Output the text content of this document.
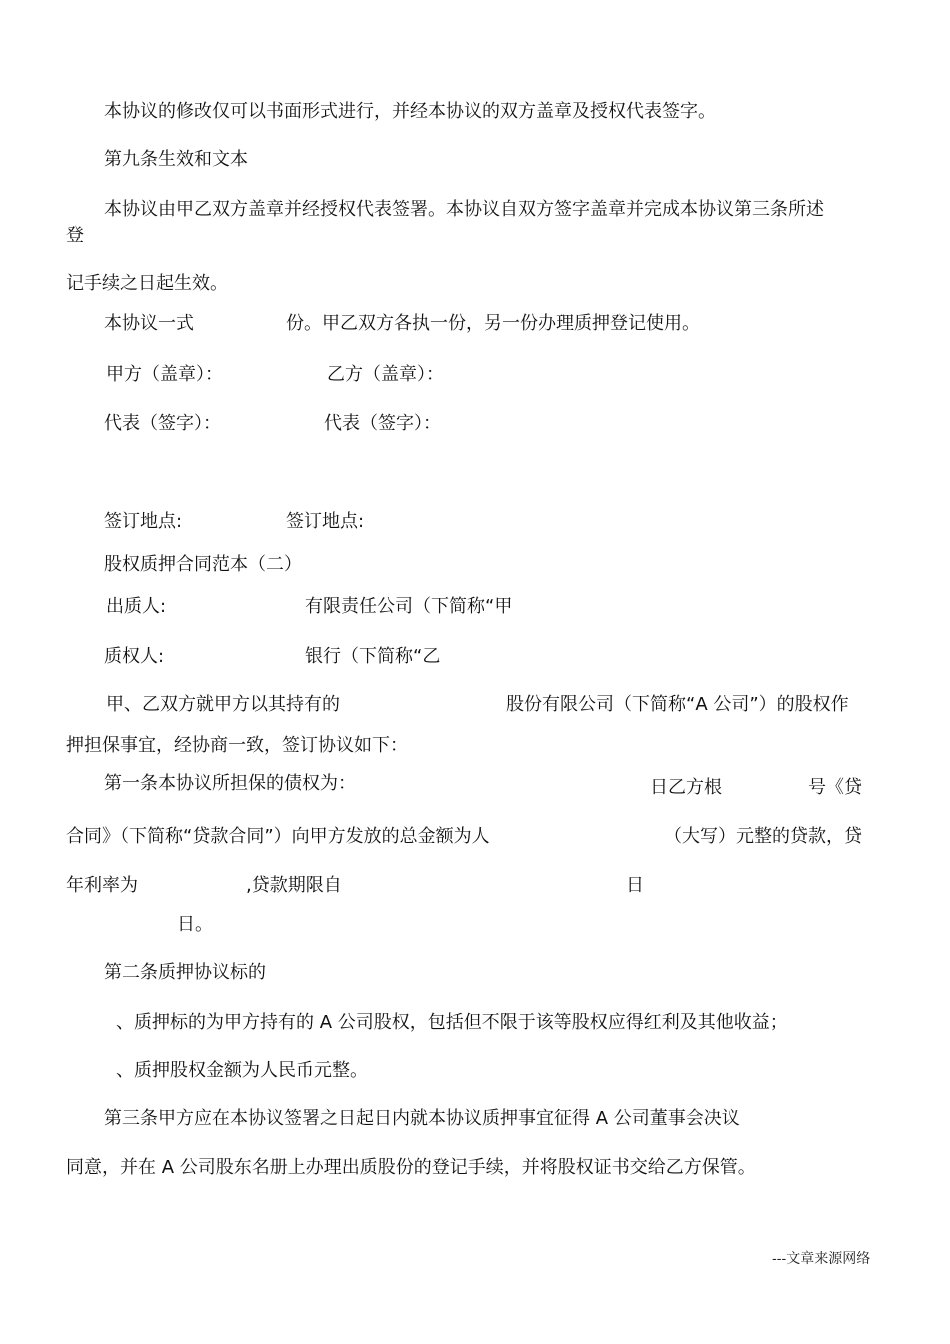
本协议的修改仅可以书面形式进行，并经本协议的双方盖章及授权代表签字。
第九条生效和文本
本协议由甲乙双方盖章并经授权代表签署。本协议自双方签字盖章并完成本协议第三条所述
登
记手续之日起生效。
本协议一式	份。甲乙双方各执一份，另一份办理质押登记使用。
甲方（盖章）：	乙方（盖章）：
代表（签字）：	代表（签字）：
签订地点:	签订地点:
股权质押合同范本（二）
出质人:	有限责任公司（下简称“甲
质权人:	银行（下简称“乙
甲、乙双方就甲方以其持有的	股份有限公司（下简称“A 公司”）的股权作
押担保事宜，经协商一致，签订协议如下：
第一条本协议所担保的债权为：	日乙方根	号《贷
合同》（下简称“贷款合同”）向甲方发放的总金额为人	（大写）元整的贷款，贷
年利率为	,贷款期限自	日
日。
第二条质押协议标的
、质押标的为甲方持有的 A 公司股权，包括但不限于该等股权应得红利及其他收益；
、质押股权金额为人民币元整。
第三条甲方应在本协议签署之日起日内就本协议质押事宜征得 A 公司董事会决议
同意，并在 A 公司股东名册上办理出质股份的登记手续，并将股权证书交给乙方保管。
---文章来源网络
